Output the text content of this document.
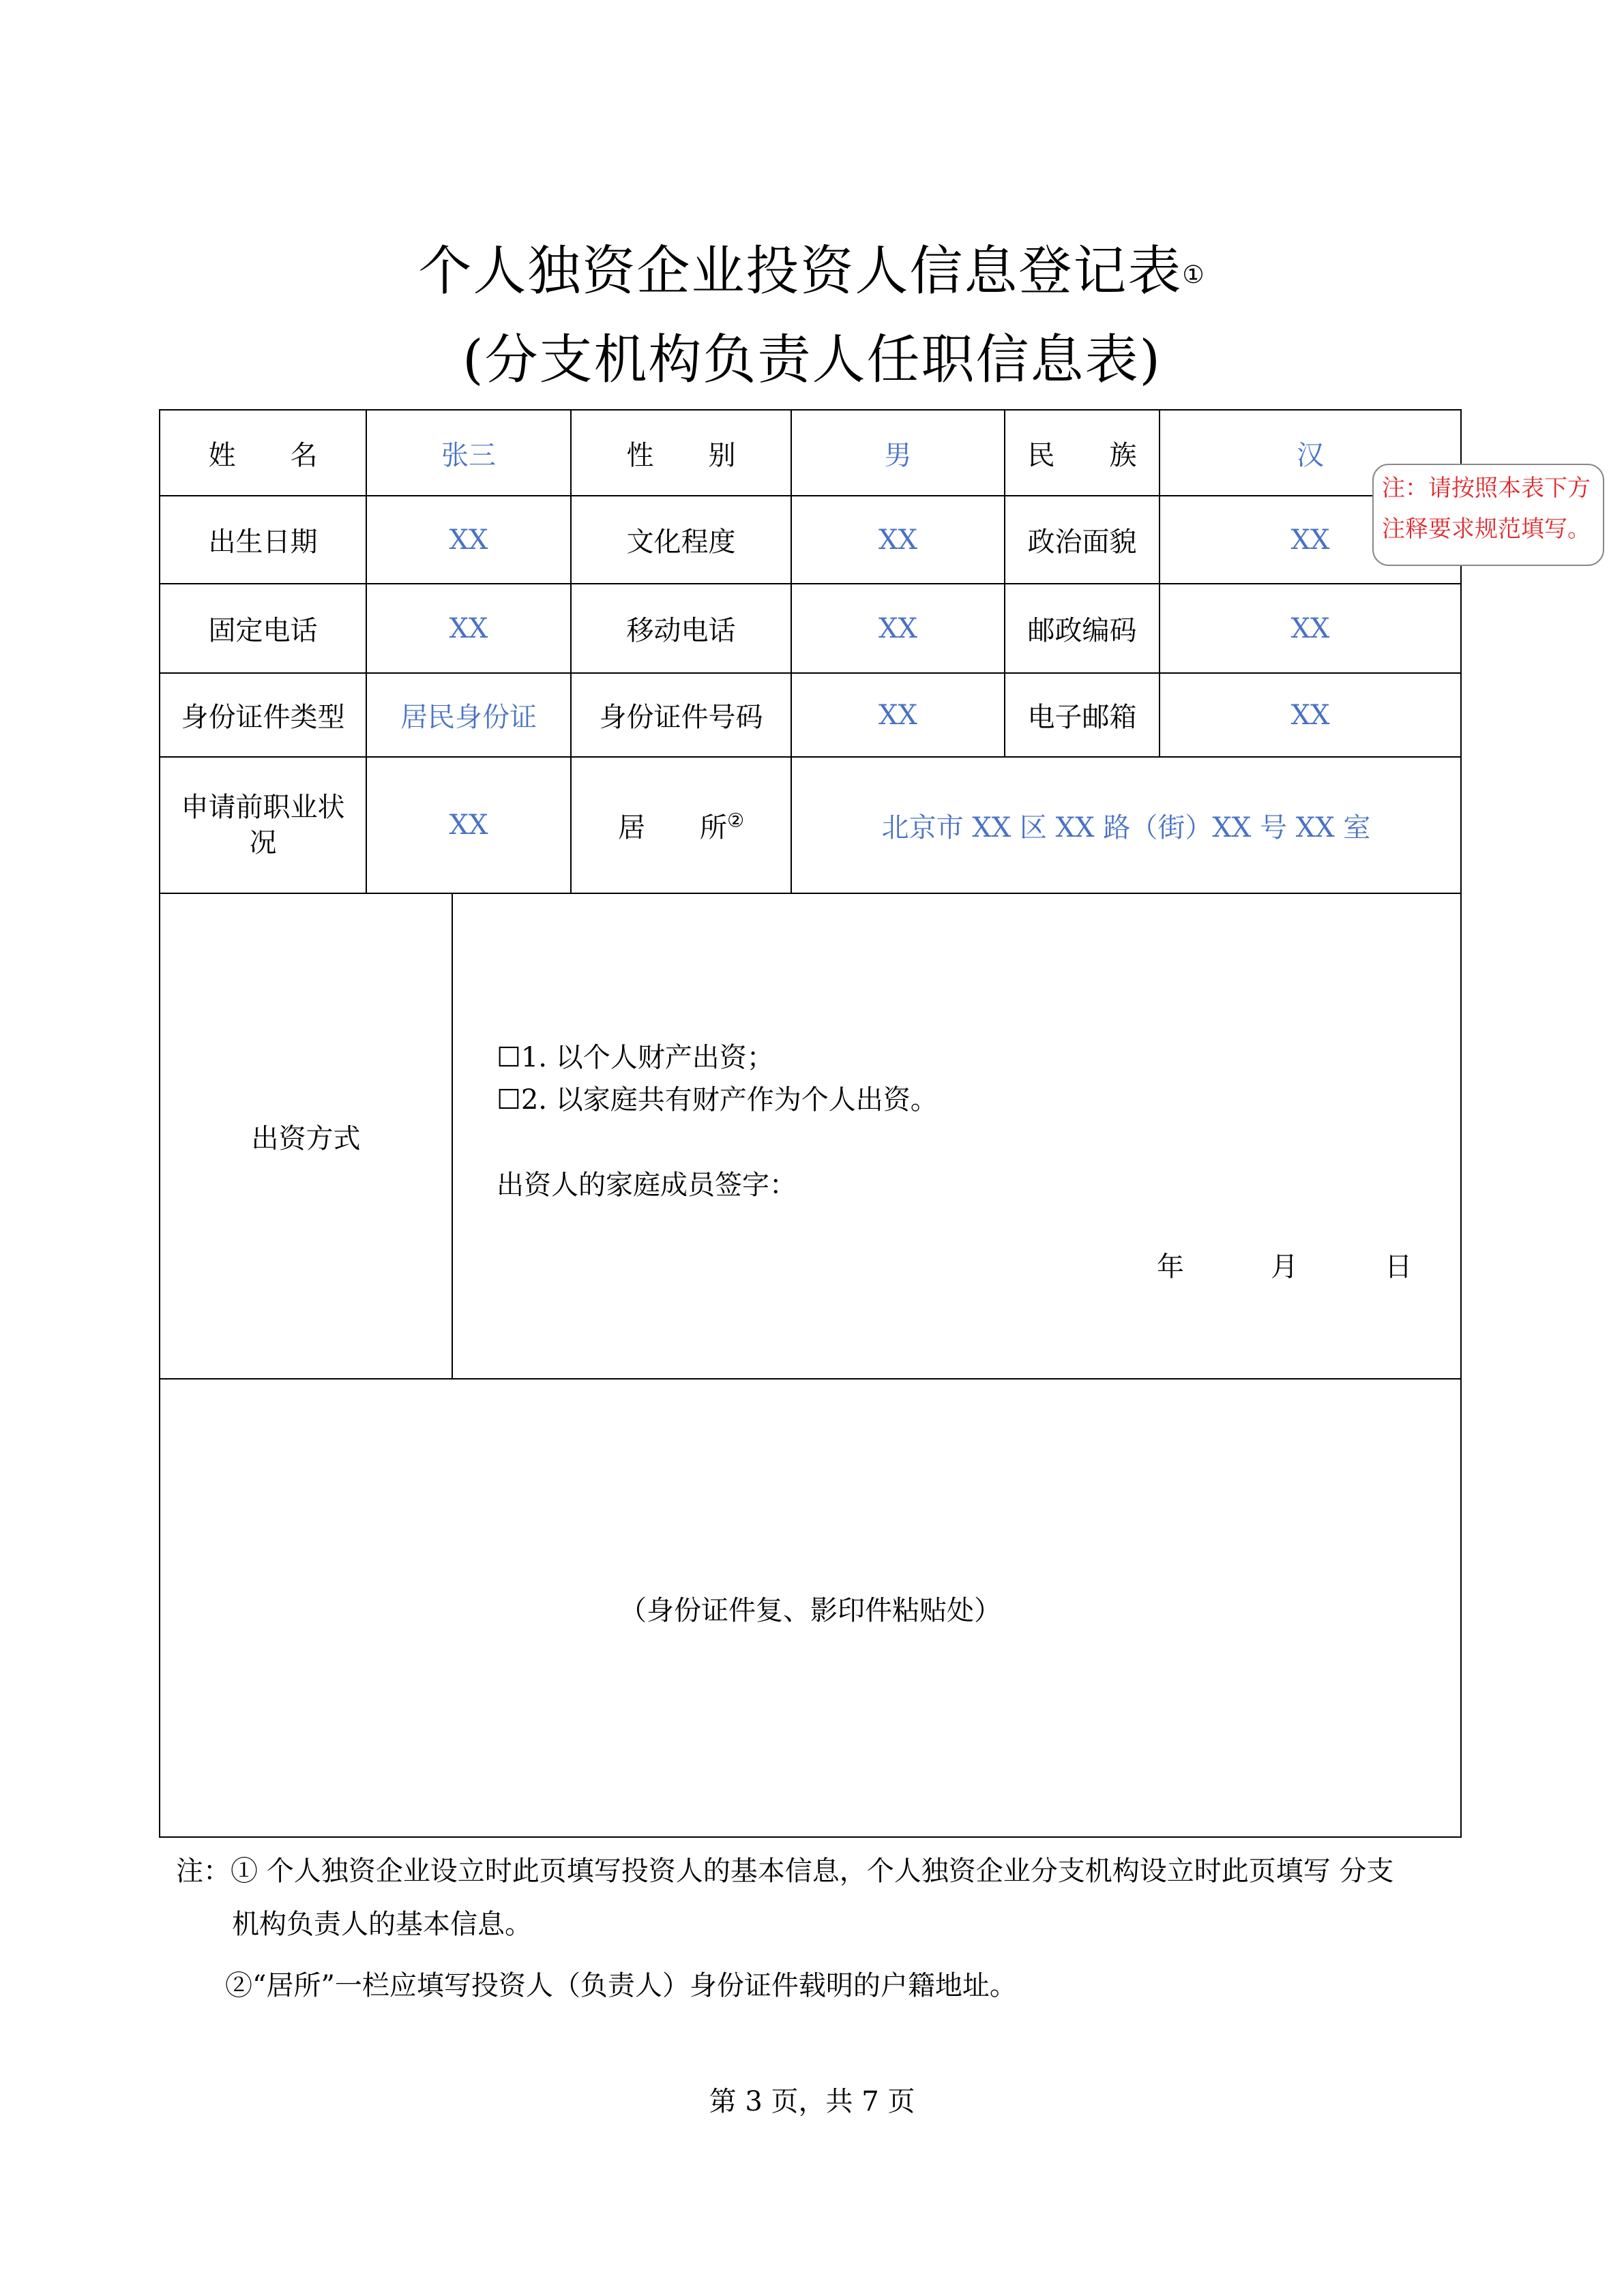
个人独资企业投资人信息登记表①
(分支机构负责人任职信息表)
姓　　名	张三		性　　别	男	民　　族	汉
出生日期	XX		文化程度	XX	政治面貌	XX
固定电话	XX		移动电话	XX	邮政编码	XX
身份证件类型	居民身份证		身份证件号码	XX	电子邮箱	XX
申请前职业状况	XX		居　　所②	北京市 XX 区 XX 路（街）XX 号 XX 室		
出资方式		☐1. 以个人财产出资；
☐2. 以家庭共有财产作为个人出资。
出资人的家庭成员签字：
年          月          日				

（身份证件复、影印件粘贴处）						
注：请按照本表下方
注释要求规范填写。
注：① 个人独资企业设立时此页填写投资人的基本信息，个人独资企业分支机构设立时此页填写 分支
机构负责人的基本信息。
②“居所”一栏应填写投资人（负责人）身份证件载明的户籍地址。
第 3 页，共 7 页
